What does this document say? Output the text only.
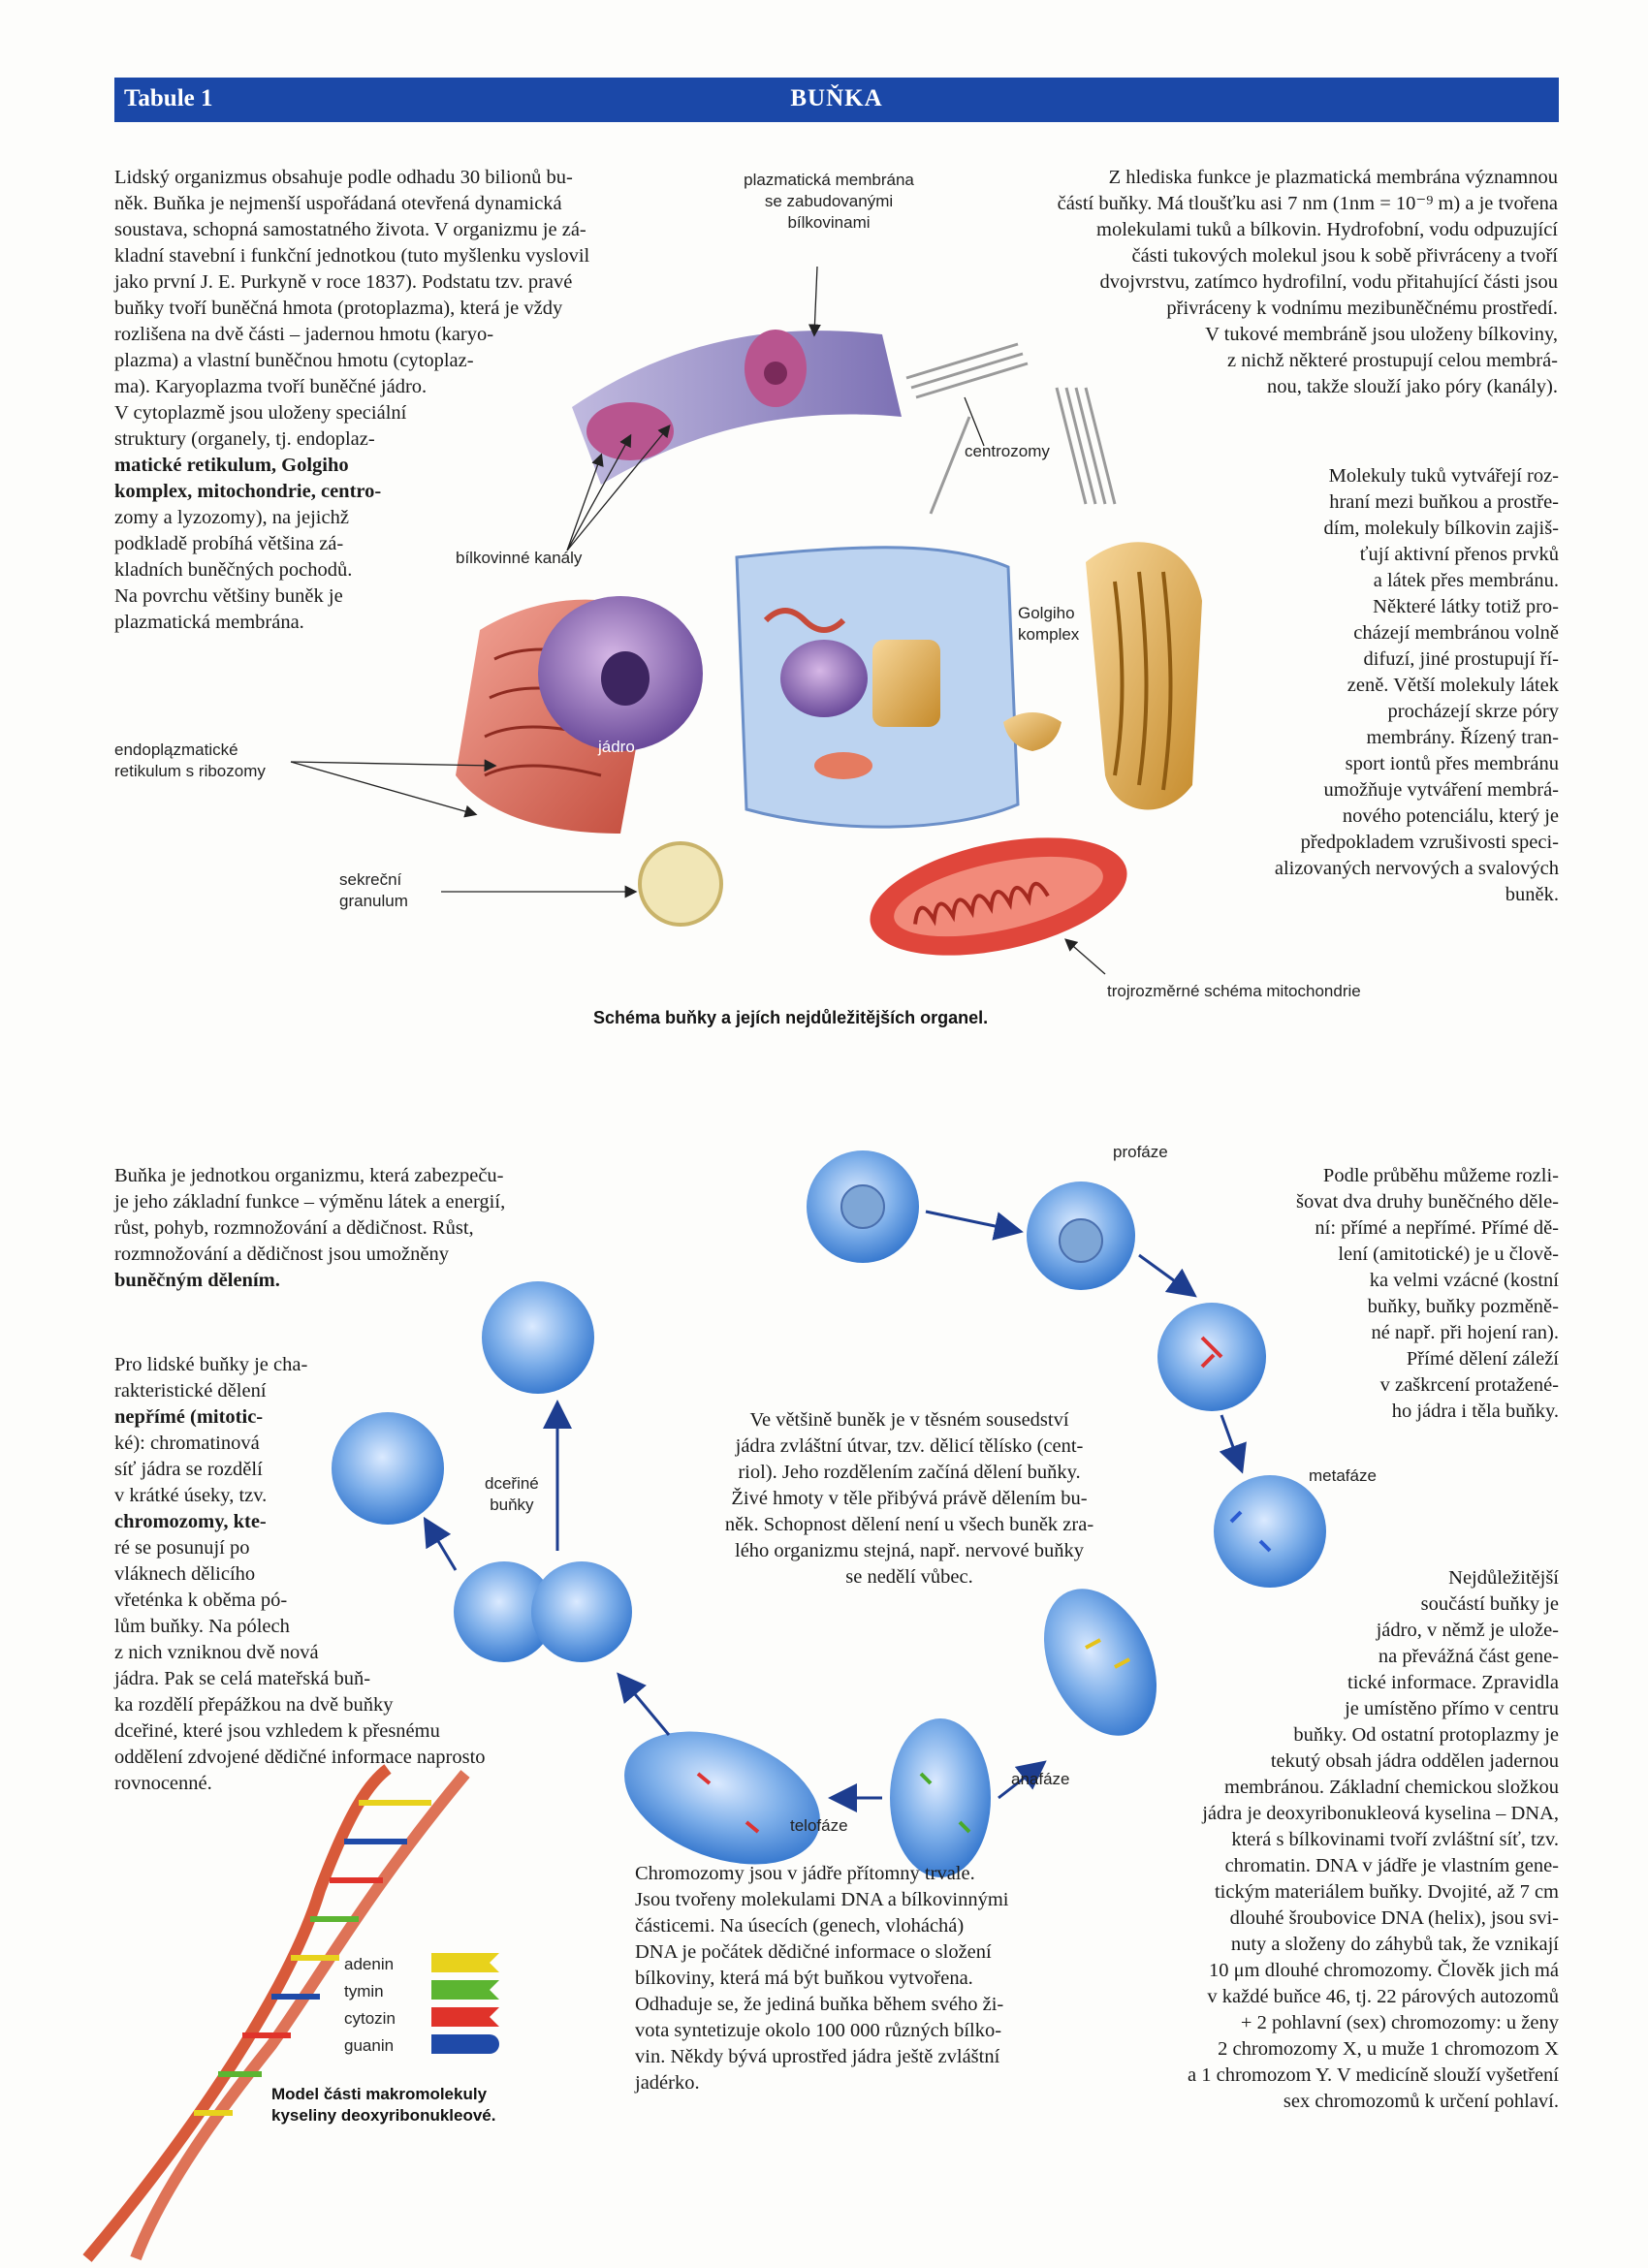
Tabule 1	BUŇKA
Lidský organizmus obsahuje podle odhadu 30 bilionů bu-
něk. Buňka je nejmenší uspořádaná otevřená dynamická
soustava, schopná samostatného života. V organizmu je zá-
kladní stavební i funkční jednotkou (tuto myšlenku vyslovil
jako první J. E. Purkyně v roce 1837). Podstatu tzv. pravé
buňky tvoří buněčná hmota (protoplazma), která je vždy
rozlišena na dvě části – jadernou hmotu (karyo-
plazma) a vlastní buněčnou hmotu (cytoplaz-
ma). Karyoplazma tvoří buněčné jádro.
V cytoplazmě jsou uloženy speciální
struktury (organely, tj. endoplaz-
matické retikulum, Golgiho
komplex, mitochondrie, centro-
zomy a lyzozomy), na jejichž
podkladě probíhá většina zá-
kladních buněčných pochodů.
Na povrchu většiny buněk je
plazmatická membrána.
Z hlediska funkce je plazmatická membrána významnou
částí buňky. Má tloušťku asi 7 nm (1nm = 10⁻⁹ m) a je tvořena
molekulami tuků a bílkovin. Hydrofobní, vodu odpuzující
části tukových molekul jsou k sobě přivráceny a tvoří
dvojvrstvu, zatímco hydrofilní, vodu přitahující části jsou
přivráceny k vodnímu mezibuněčnému prostředí.
V tukové membráně jsou uloženy bílkoviny,
z nichž některé prostupují celou membrá-
nou, takže slouží jako póry (kanály).
Molekuly tuků vytvářejí roz-
hraní mezi buňkou a prostře-
dím, molekuly bílkovin zajiš-
ťují aktivní přenos prvků
a látek přes membránu.
Některé látky totiž pro-
cházejí membránou volně
difuzí, jiné prostupují ří-
zeně. Větší molekuly látek
procházejí skrze póry
membrány. Řízený tran-
sport iontů přes membránu
umožňuje vytváření membrá-
nového potenciálu, který je
předpokladem vzrušivosti speci-
alizovaných nervových a svalových
buněk.
plazmatická membrána
se zabudovanými
bílkovinami
centrozomy
bílkovinné kanály
Golgiho
komplex
jádro
endoplązmatické
retikulum s ribozomy
sekreční
granulum
trojrozměrné schéma mitochondrie
Schéma buňky a jejích nejdůležitějších organel.
Buňka je jednotkou organizmu, která zabezpeču-
je jeho základní funkce – výměnu látek a energií,
růst, pohyb, rozmnožování a dědičnost. Růst,
rozmnožování a dědičnost jsou umožněny
buněčným dělením.
Pro lidské buňky je cha-
rakteristické dělení
nepřímé (mitotic-
ké): chromatinová
síť jádra se rozdělí
v krátké úseky, tzv.
chromozomy, kte-
ré se posunují po
vláknech dělicího
vřeténka k oběma pó-
lům buňky. Na pólech
z nich vzniknou dvě nová
jádra. Pak se celá mateřská buň-
ka rozdělí přepážkou na dvě buňky
dceřiné, které jsou vzhledem k přesnému
oddělení zdvojené dědičné informace naprosto
rovnocenné.
Podle průběhu můžeme rozli-
šovat dva druhy buněčného děle-
ní: přímé a nepřímé. Přímé dě-
lení (amitotické) je u člově-
ka velmi vzácné (kostní
buňky, buňky pozměně-
né např. při hojení ran).
Přímé dělení záleží
v zaškrcení protažené-
ho jádra i těla buňky.
Ve většině buněk je v těsném sousedství
jádra zvláštní útvar, tzv. dělicí tělísko (cent-
riol). Jeho rozdělením začíná dělení buňky.
Živé hmoty v těle přibývá právě dělením bu-
něk. Schopnost dělení není u všech buněk zra-
lého organizmu stejná, např. nervové buňky
se nedělí vůbec.
profáze
metafáze
anafáze
telofáze
dceřiné
buňky
Chromozomy jsou v jádře přítomny trvale.
Jsou tvořeny molekulami DNA a bílkovinnými
částicemi. Na úsecích (genech, vloháchá)
DNA je počátek dědičné informace o složení
bílkoviny, která má být buňkou vytvořena.
Odhaduje se, že jediná buňka během svého ži-
vota syntetizuje okolo 100 000 různých bílko-
vin. Někdy bývá uprostřed jádra ještě zvláštní
jadérko.
Nejdůležitější
součástí buňky je
jádro, v němž je ulože-
na převážná část gene-
tické informace. Zpravidla
je umístěno přímo v centru
buňky. Od ostatní protoplazmy je
tekutý obsah jádra oddělen jadernou
membránou. Základní chemickou složkou
jádra je deoxyribonukleová kyselina – DNA,
která s bílkovinami tvoří zvláštní síť, tzv.
chromatin. DNA v jádře je vlastním gene-
tickým materiálem buňky. Dvojité, až 7 cm
dlouhé šroubovice DNA (helix), jsou svi-
nuty a složeny do záhybů tak, že vznikají
10 μm dlouhé chromozomy. Člověk jich má
v každé buňce 46, tj. 22 párových autozomů
+ 2 pohlavní (sex) chromozomy: u ženy
2 chromozomy X, u muže 1 chromozom X
a 1 chromozom Y. V medicíně slouží vyšetření
sex chromozomů k určení pohlaví.
adenin
tymin
cytozin
guanin
Model části makromolekuly
kyseliny deoxyribonukleové.
